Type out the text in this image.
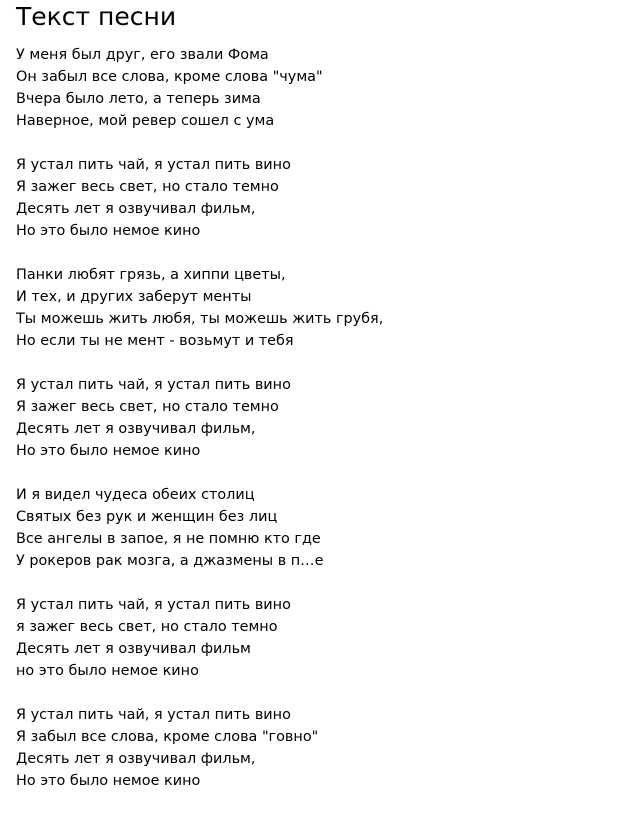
Текст песни
У меня был друг, его звали Фома
Он забыл все слова, кроме слова "чума"
Вчера было лето, а теперь зима
Наверное, мой ревер сошел с ума
Я устал пить чай, я устал пить вино
Я зажег весь свет, но стало темно
Десять лет я озвучивал фильм,
Но это было немое кино
Панки любят грязь, а хиппи цветы,
И тех, и других заберут менты
Ты можешь жить любя, ты можешь жить грубя,
Но если ты не мент - возьмут и тебя
Я устал пить чай, я устал пить вино
Я зажег весь свет, но стало темно
Десять лет я озвучивал фильм,
Но это было немое кино
И я видел чудеса обеих столиц
Святых без рук и женщин без лиц
Все ангелы в запое, я не помню кто где
У рокеров рак мозга, а джазмены в п…е
Я устал пить чай, я устал пить вино
я зажег весь свет, но стало темно
Десять лет я озвучивал фильм
но это было немое кино
Я устал пить чай, я устал пить вино
Я забыл все слова, кроме слова "говно"
Десять лет я озвучивал фильм,
Но это было немое кино
